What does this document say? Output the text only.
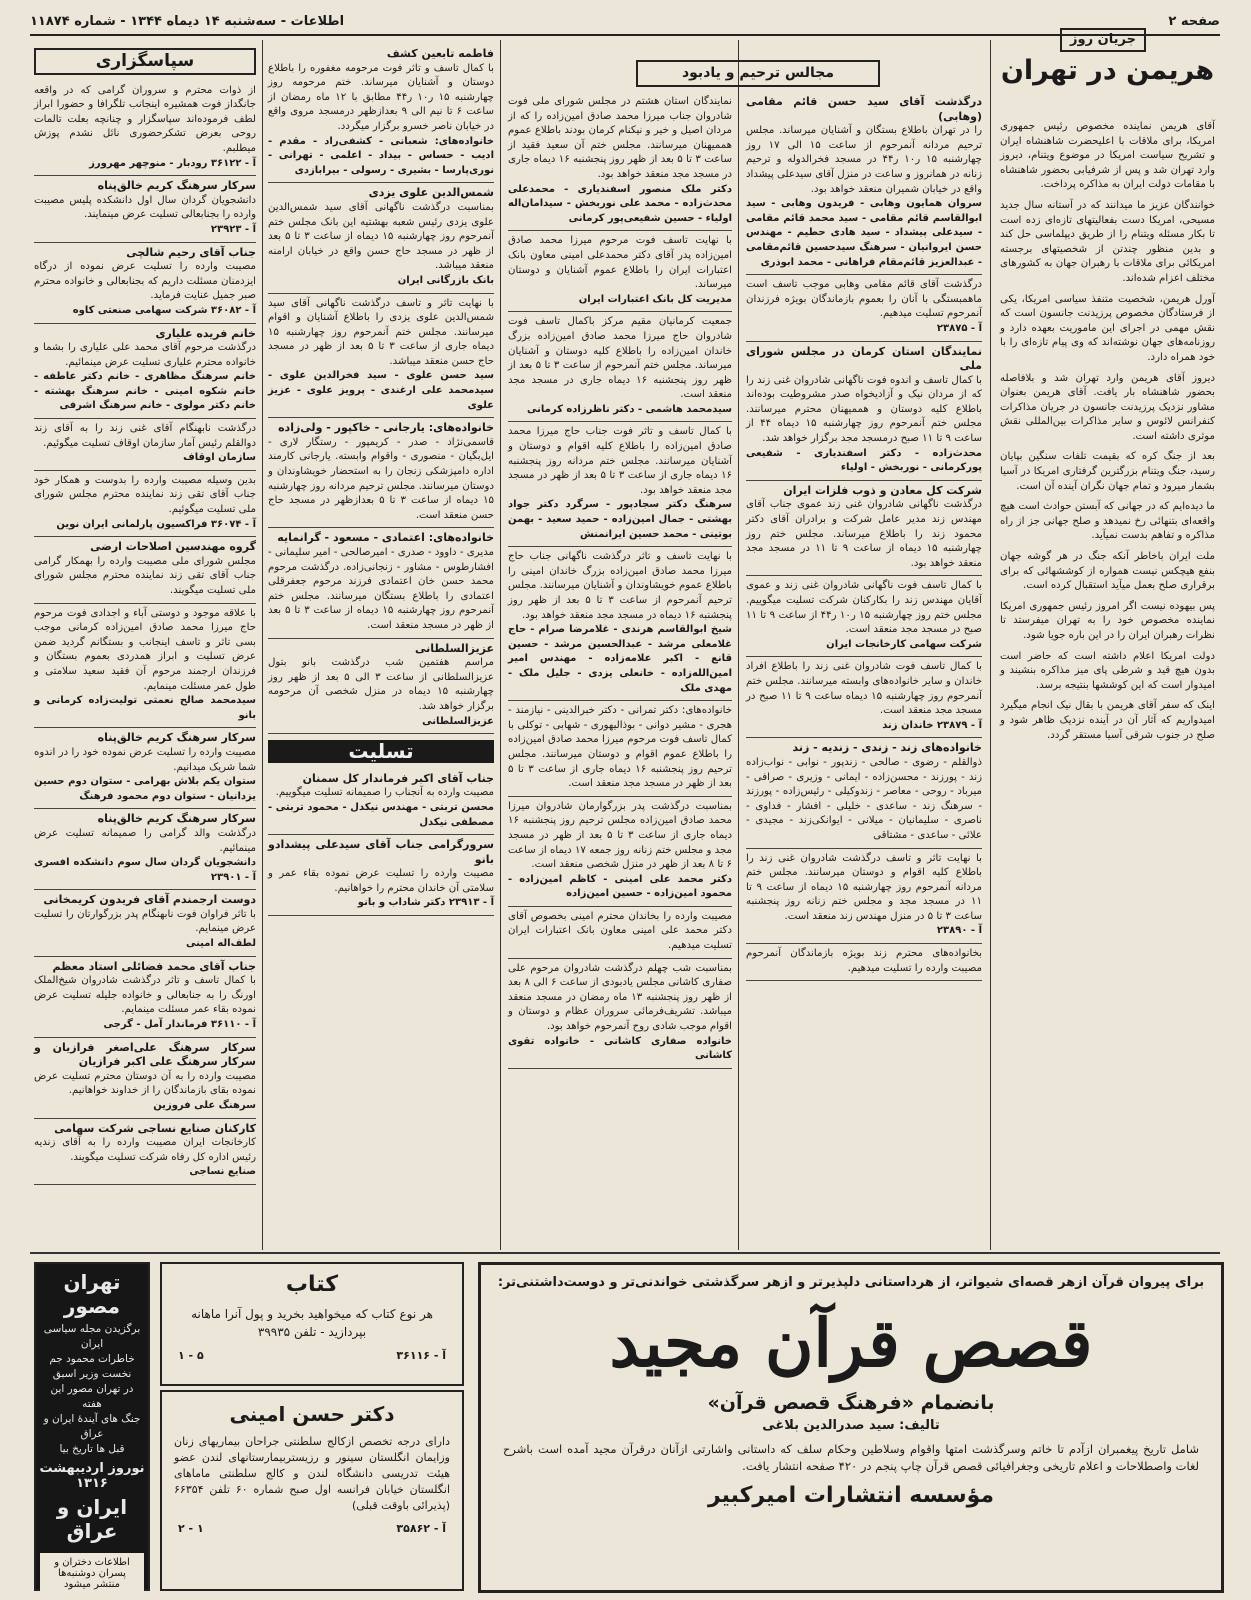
صفحه ۲
اطلاعات - سه‌شنبه ۱۴ دیماه ۱۳۴۴ - شماره ۱۱۸۷۴
جریان روز
هریمن در تهران

آقای هریمن نماینده مخصوص رئیس جمهوری امریکا، برای ملاقات با اعلیحضرت شاهنشاه ایران و تشریح سیاست امریکا در موضوع ویتنام، دیروز وارد تهران شد و پس از شرفیابی بحضور شاهنشاه با مقامات دولت ایران به مذاکره پرداخت.

خوانندگان عزیز ما میدانند که در آستانه سال جدید مسیحی، امریکا دست بفعالیتهای تازه‌ای زده است تا بکار مسئله ویتنام را از طریق دیپلماسی حل کند و بدین منظور چندتن از شخصیتهای برجسته امریکائی برای ملاقات با رهبران جهان به کشورهای مختلف اعزام شده‌اند.

آورل هریمن، شخصیت متنفذ سیاسی امریکا، یکی از فرستادگان مخصوص پرزیدنت جانسون است که نقش مهمی در اجرای این ماموریت بعهده دارد و روزنامه‌های جهان نوشته‌اند که وی پیام تازه‌ای را با خود همراه دارد.

دیروز آقای هریمن وارد تهران شد و بلافاصله بحضور شاهنشاه بار یافت. آقای هریمن بعنوان مشاور نزدیک پرزیدنت جانسون در جریان مذاکرات کنفرانس لائوس و سایر مذاکرات بین‌المللی نقش موثری داشته است.

بعد از جنگ کره که بقیمت تلفات سنگین بپایان رسید، جنگ ویتنام بزرگترین گرفتاری امریکا در آسیا بشمار میرود و تمام جهان نگران آینده آن است.

ما دیده‌ایم که در جهانی که آبستن حوادث است هیچ واقعه‌ای بتنهائی رخ نمیدهد و صلح جهانی جز از راه مذاکره و تفاهم بدست نمیآید.

ملت ایران باخاطر آنکه جنگ در هر گوشه جهان بنفع هیچکس نیست همواره از کوششهائی که برای برقراری صلح بعمل میآید استقبال کرده است.

پس بیهوده نیست اگر امروز رئیس جمهوری امریکا نماینده مخصوص خود را به تهران میفرستد تا نظرات رهبران ایران را در این باره جویا شود.

دولت امریکا اعلام داشته است که حاضر است بدون هیچ قید و شرطی پای میز مذاکره بنشیند و امیدوار است که این کوششها بنتیجه برسد.

اینک که سفر آقای هریمن با بقال نیک انجام میگیرد امیدواریم که آثار آن در آینده نزدیک ظاهر شود و صلح در جنوب شرقی آسیا مستقر گردد.

مجالس ترحیم و یادبود
درگذشت آقای سید حسن قائم مقامی (وهابی)
را در تهران باطلاع بستگان و آشنایان میرساند. مجلس ترحیم مردانه آنمرحوم از ساعت ۱۵ الی ۱۷ روز چهارشنبه ۱۵ ر۱۰ ر۴۴ در مسجد فخرالدوله و ترحیم زنانه در همانروز و ساعت در منزل آقای سیدعلی پیشداد واقع در خیابان شمیران منعقد خواهد بود.
سروان همایون وهابی - فریدون وهابی - سید ابوالقاسم قائم مقامی - سید محمد قائم مقامی - سیدعلی پیشداد - سید هادی حطیم - مهندس حسن ایروانیان - سرهنگ سیدحسین قائم‌مقامی - عبدالعزیز قائم‌مقام فراهانی - محمد ابوذری
درگذشت آقای قائم مقامی وهابی موجب تاسف است ماهمبستگی با آنان را بعموم بازماندگان بویژه فرزندان آنمرحوم تسلیت میدهیم.
آ - ۲۳۸۷۵
نمایندگان استان کرمان در مجلس شورای ملی
با کمال تاسف و اندوه فوت ناگهانی شادروان غنی زند را که از مردان نیک و آزادیخواه صدر مشروطیت بوده‌اند باطلاع کلیه دوستان و هممیهنان محترم میرسانند. مجلس ختم آنمرحوم روز چهارشنبه ۱۵ دیماه ۴۴ از ساعت ۹ تا ۱۱ صبح درمسجد مجد برگزار خواهد شد.
محدث‌زاده - دکتر اسفندیاری - شفیعی پورکرمانی - نوربخش - اولیاء
شرکت کل معادن و ذوب فلزات ایران
درگذشت ناگهانی شادروان غنی زند عموی جناب آقای مهندس زند مدیر عامل شرکت و برادران آقای دکتر محمود زند را باطلاع میرساند. مجلس ختم روز چهارشنبه ۱۵ دیماه از ساعت ۹ تا ۱۱ در مسجد مجد منعقد خواهد بود.
با کمال تاسف فوت ناگهانی شادروان غنی زند و عموی آقایان مهندس زند را بکارکنان شرکت تسلیت میگوییم. مجلس ختم روز چهارشنبه ۱۵ ر۱۰ ر۴۴ از ساعت ۹ تا ۱۱ صبح در مسجد مجد منعقد است.
شرکت سهامی کارخانجات ایران
با کمال تاسف فوت شادروان غنی زند را باطلاع افراد خاندان و سایر خانواده‌های وابسته میرسانند. مجلس ختم آنمرحوم روز چهارشنبه ۱۵ دیماه ساعت ۹ تا ۱۱ صبح در مسجد مجد منعقد است.
آ - ۲۳۸۷۹ خاندان زند
خانواده‌های زند - زندی - زندیه - زند
ذوالقلم - رضوی - صالحی - زندپور - نوابی - نواب‌زاده زند - پورزند - محسن‌زاده - ایمانی - وزیری - صرافی - میرباد - روحی - معاصر - زندوکیلی - رئیس‌زاده - پورزند - سرهنگ زند - ساعدی - خلیلی - افشار - فداوی - ناصری - سلیمانیان - میلانی - ایوانکی‌زند - مجیدی - علائی - ساعدی - مشتاقی
با نهایت تاثر و تاسف درگذشت شادروان غنی زند را باطلاع کلیه اقوام و دوستان میرسانند. مجلس ختم مردانه آنمرحوم روز چهارشنبه ۱۵ دیماه از ساعت ۹ تا ۱۱ در مسجد مجد و مجلس ختم زنانه روز پنجشنبه ساعت ۳ تا ۵ در منزل مهندس زند منعقد است.
آ - ۲۳۸۹۰
بخانواده‌های محترم زند بویژه بازماندگان آنمرحوم مصیبت وارده را تسلیت میدهیم.
نمایندگان استان هشتم در مجلس شورای ملی فوت شادروان جناب میرزا محمد صادق امین‌زاده را که از مردان اصیل و خیر و نیکنام کرمان بودند باطلاع عموم هممیهنان میرسانند. مجلس ختم آن سعید فقید از ساعت ۳ تا ۵ بعد از ظهر روز پنجشنبه ۱۶ دیماه جاری در مسجد مجد منعقد خواهد بود.
دکتر ملک منصور اسفندیاری - محمدعلی محدث‌زاده - محمد علی نوربخش - سیدامان‌اله اولیاء - حسین شفیعی‌پور کرمانی
با نهایت تاسف فوت مرحوم میرزا محمد صادق امین‌زاده پدر آقای دکتر محمدعلی امینی معاون بانک اعتبارات ایران را باطلاع عموم آشنایان و دوستان میرساند.
مدیریت کل بانک اعتبارات ایران
جمعیت کرمانیان مقیم مرکز باکمال تاسف فوت شادروان حاج میرزا محمد صادق امین‌زاده بزرگ خاندان امین‌زاده را باطلاع کلیه دوستان و آشنایان میرساند. مجلس ختم آنمرحوم از ساعت ۳ تا ۵ بعد از ظهر روز پنجشنبه ۱۶ دیماه جاری در مسجد مجد منعقد است.
سیدمحمد هاشمی - دکتر ناظرزاده کرمانی
با کمال تاسف و تاثر فوت جناب حاج میرزا محمد صادق امین‌زاده را باطلاع کلیه اقوام و دوستان و آشنایان میرسانند. مجلس ختم مردانه روز پنجشنبه ۱۶ دیماه جاری از ساعت ۳ تا ۵ بعد از ظهر در مسجد مجد منعقد خواهد بود.
سرهنگ دکتر سجادپور - سرگرد دکتر جواد بهشتی - جمال امین‌زاده - حمید سعید - بهمن بوتینی - محمد حسین ایرانمنش
با نهایت تاسف و تاثر درگذشت ناگهانی جناب حاج میرزا محمد صادق امین‌زاده بزرگ خاندان امینی را باطلاع عموم خویشاوندان و آشنایان میرسانند. مجلس ترحیم آنمرحوم از ساعت ۳ تا ۵ بعد از ظهر روز پنجشنبه ۱۶ دیماه در مسجد مجد منعقد خواهد بود.
شیخ ابوالقاسم هرندی - غلامرضا صرام - حاج غلامعلی مرشد - عبدالحسین مرشد - حسین قانع - اکبر علامه‌زاده - مهندس امیر امین‌الله‌زاده - خانعلی یزدی - جلیل ملک - مهدی ملک
خانواده‌های: دکتر تمرانی - دکتر خبرالدینی - نیازمند - هجری - مشیر دوانی - بوذالیهوری - شهابی - توکلی با کمال تاسف فوت مرحوم میرزا محمد صادق امین‌زاده را باطلاع عموم اقوام و دوستان میرسانند. مجلس ترحیم روز پنجشنبه ۱۶ دیماه جاری از ساعت ۳ تا ۵ بعد از ظهر در مسجد مجد منعقد است.
بمناسبت درگذشت پدر بزرگوارمان شادروان میرزا محمد صادق امین‌زاده مجلس ترحیم روز پنجشنبه ۱۶ دیماه جاری از ساعت ۳ تا ۵ بعد از ظهر در مسجد مجد و مجلس ختم زنانه روز جمعه ۱۷ دیماه از ساعت ۶ تا ۸ بعد از ظهر در منزل شخصی منعقد است.
دکتر محمد علی امینی - کاظم امین‌زاده - محمود امین‌زاده - حسین امین‌زاده
مصیبت وارده را بخاندان محترم امینی بخصوص آقای دکتر محمد علی امینی معاون بانک اعتبارات ایران تسلیت میدهیم.
بمناسبت شب چهلم درگذشت شادروان مرحوم علی صفاری کاشانی مجلس یادبودی از ساعت ۶ الی ۸ بعد از ظهر روز پنجشنبه ۱۳ ماه رمضان در مسجد منعقد میباشد. تشریف‌فرمائی سروران عظام و دوستان و اقوام موجب شادی روح آنمرحوم خواهد بود.
خانواده صفاری کاشانی - خانواده تقوی کاشانی
فاطمه تابعین کشف
با کمال تاسف و تاثر فوت مرحومه مغفوره را باطلاع دوستان و آشنایان میرساند. ختم مرحومه روز چهارشنبه ۱۵ ر۱۰ ر۴۴ مطابق با ۱۲ ماه رمضان از ساعت ۶ تا نیم الی ۹ بعدازظهر درمسجد مروی واقع در خیابان ناصر خسرو برگزار میگردد.
خانواده‌های: شعبانی - کشفی‌راد - مقدم - ادیب - حساس - بیداد - اعلمی - تهرانی - نوری‌پارسا - بشیری - رسولی - بیرابازدی
شمس‌الدین علوی یزدی
بمناسبت درگذشت ناگهانی آقای سید شمس‌الدین علوی یزدی رئیس شعبه بهشتیه این بانک مجلس ختم آنمرحوم روز چهارشنبه ۱۵ دیماه از ساعت ۳ تا ۵ بعد از ظهر در مسجد حاج حسن واقع در خیابان ارامنه منعقد میباشد.
بانک بازرگانی ایران
با نهایت تاثر و تاسف درگذشت ناگهانی آقای سید شمس‌الدین علوی یزدی را باطلاع آشنایان و اقوام میرسانند. مجلس ختم آنمرحوم روز چهارشنبه ۱۵ دیماه جاری از ساعت ۳ تا ۵ بعد از ظهر در مسجد حاج حسن منعقد میباشد.
سید حسن علوی - سید فخرالدین علوی - سیدمحمد علی ارغندی - پرویز علوی - عزیز علوی
خانواده‌های: یارجانی - خاکپور - ولی‌زاده
قاسمی‌نژاد - صدر - کریمپور - رستگار لاری - ایل‌بگیان - منصوری - واقوام وابسته. یارجانی کارمند اداره دامپزشکی زنجان را به استحضار خویشاوندان و دوستان میرسانند. مجلس ترحیم مردانه روز چهارشنبه ۱۵ دیماه از ساعت ۳ تا ۵ بعدازظهر در مسجد حاج حسن منعقد است.
خانواده‌های: اعتمادی - مسعود - گرانمایه
مدیری - داوود - صدری - امیرصالحی - امیر سلیمانی - افشارطوس - مشاور - زنجانی‌زاده. درگذشت مرحوم محمد حسن خان اعتمادی فرزند مرحوم جعفرقلی اعتمادی را باطلاع بستگان میرسانند. مجلس ختم آنمرحوم روز چهارشنبه ۱۵ دیماه از ساعت ۳ تا ۵ بعد از ظهر در مسجد منعقد است.
عزیزالسلطانی
مراسم هفتمین شب درگذشت بانو بتول عزیزالسلطانی از ساعت ۳ الی ۵ بعد از ظهر روز چهارشنبه ۱۵ دیماه در منزل شخصی آن مرحومه برگزار خواهد شد.
عزیزالسلطانی
تسلیت
جناب آقای اکبر فرماندار کل سمنان
مصیبت وارده به آنجناب را صمیمانه تسلیت میگوییم.
محسن تربتی - مهندس نیکدل - محمود تربتی - مصطفی نیکدل
سرورگرامی جناب آقای سیدعلی پیشدادو بانو
مصیبت وارده را تسلیت عرض نموده بقاء عمر و سلامتی آن خاندان محترم را خواهانیم.
آ - ۲۳۹۱۳ دکتر شاداب و بانو
سپاسگزاری
از ذوات محترم و سروران گرامی که در واقعه جانگداز فوت همشیره اینجانب تلگرافا و حضورا ابراز لطف فرموده‌اند سپاسگزار و چنانچه بعلت تالمات روحی بعرض تشکرحضوری نائل نشدم پوزش میطلبم.
آ - ۳۶۱۲۲ رودبار - منوچهر مهرورز
سرکار سرهنگ کریم خالق‌پناه
دانشجویان گردان سال اول دانشکده پلیس مصیبت وارده را بجنابعالی تسلیت عرض مینمایند.
آ - ۲۳۹۲۳
جناب آقای رحیم شالچی
مصیبت وارده را تسلیت عرض نموده از درگاه ایزدمنان مسئلت داریم که بجنابعالی و خانواده محترم صبر جمیل عنایت فرماید.
آ - ۳۶۰۸۲ شرکت سهامی صنعتی کاوه
خانم فریده علیاری
درگذشت مرحوم آقای محمد علی علیاری را بشما و خانواده محترم علیاری تسلیت عرض مینمائیم.
خانم سرهنگ مظاهری - خانم دکتر عاطفه - خانم شکوه امینی - خانم سرهنگ بهشته - خانم دکتر مولوی - خانم سرهنگ اشرفی
درگذشت نابهنگام آقای غنی زند را به آقای زند دوالقلم رئیس آمار سازمان اوقاف تسلیت میگوئیم.
سازمان اوقاف
بدین وسیله مصیبت وارده را بدوست و همکار خود جناب آقای تقی زند نماینده محترم مجلس شورای ملی تسلیت میگوئیم.
آ - ۳۶۰۷۴ فراکسیون پارلمانی ایران نوین
گروه مهندسین اصلاحات ارضی
مجلس شورای ملی مصیبت وارده را بهمکار گرامی جناب آقای تقی زند نماینده محترم مجلس شورای ملی تسلیت میگویند.
با علاقه موجود و دوستی آباء و اجدادی فوت مرحوم حاج میرزا محمد صادق امین‌زاده کرمانی موجب بسی تاثر و تاسف اینجانب و بستگانم گردید ضمن عرض تسلیت و ابراز همدردی بعموم بستگان و فرزندان ارجمند مرحوم آن فقید سعید سلامتی و طول عمر مسئلت مینمایم.
سیدمحمد صالح نعمتی تولیت‌زاده کرمانی و بانو
سرکار سرهنگ کریم خالق‌پناه
مصیبت وارده را تسلیت عرض نموده خود را در اندوه شما شریک میدانیم.
ستوان یکم بلاش بهرامی - ستوان دوم حسین یزدانیان - ستوان دوم محمود فرهنگ
سرکار سرهنگ کریم خالق‌پناه
درگذشت والد گرامی را صمیمانه تسلیت عرض مینمائیم.
دانشجویان گردان سال سوم دانشکده افسری آ - ۲۳۹۰۱
دوست ارجمندم آقای فریدون کریمخانی
با تاثر فراوان فوت نابهنگام پدر بزرگوارتان را تسلیت عرض مینمایم.
لطف‌اله امینی
جناب آقای محمد فضائلی استاد معظم
با کمال تاسف و تاثر درگذشت شادروان شیخ‌الملک اورنگ را به جنابعالی و خانواده جلیله تسلیت عرض نموده بقاء عمر مسئلت مینمایم.
آ - ۳۶۱۱۰ فرماندار آمل - گرجی
سرکار سرهنگ علی‌اصغر فرازیان و سرکار سرهنگ علی اکبر فرازیان
مصیبت وارده را به آن دوستان محترم تسلیت عرض نموده بقای بازماندگان را از خداوند خواهانیم.
سرهنگ علی فروزین
کارکنان صنایع نساجی شرکت سهامی
کارخانجات ایران مصیبت وارده را به آقای زندیه رئیس اداره کل رفاه شرکت تسلیت میگویند.
صنایع نساجی
تهران مصور
برگزیدن مجله سیاسی ایران
خاطرات محمود جم
نخست وزیر اسبق
در تهران مصور این هفته
جنگ های آیندهٔ ایران و عراق
قبل ها تاریخ بیا
نوروز اردیبهشت ۱۳۱۶
ایران و عراق
اطلاعات دختران و پسران دوشنبه‌ها منتشر میشود
کتاب
هر نوع کتاب که میخواهید بخرید و پول آنرا ماهانه بپردازید - تلفن ۳۹۹۳۵
آ - ۳۶۱۱۶
۵ - ۱
دکتر حسن امینی
دارای درجه تخصص ازکالج سلطنتی جراحان بیماریهای زنان وزایمان انگلستان سینور و رزیستربیمارستانهای لندن عضو هیئت تدریسی دانشگاه لندن و کالج سلطنتی ماماهای انگلستان خیابان فرانسه اول صبح شماره ۶۰ تلفن ۶۶۳۵۴ (پذیرائی باوقت قبلی)
آ - ۳۵۸۶۲
۱ - ۲
برای پیروان قرآن ازهر قصه‌ای شیواتر، از هرداستانی دلپذیرتر و ازهر سرگذشتی خواندنی‌تر و دوست‌داشتنی‌تر:
قصص قرآن مجید
بانضمام «فرهنگ قصص قرآن»
تالیف: سید صدرالدین بلاغی
شامل تاریخ پیغمبران ازآدم تا خاتم وسرگذشت امتها واقوام وسلاطین وحکام سلف که داستانی واشارتی ازآنان درقرآن مجید آمده است باشرح لغات واصطلاحات و اعلام تاریخی وجغرافیائی قصص قرآن چاپ پنجم در ۴۲۰ صفحه انتشار یافت.
مؤسسه انتشارات امیرکبیر
